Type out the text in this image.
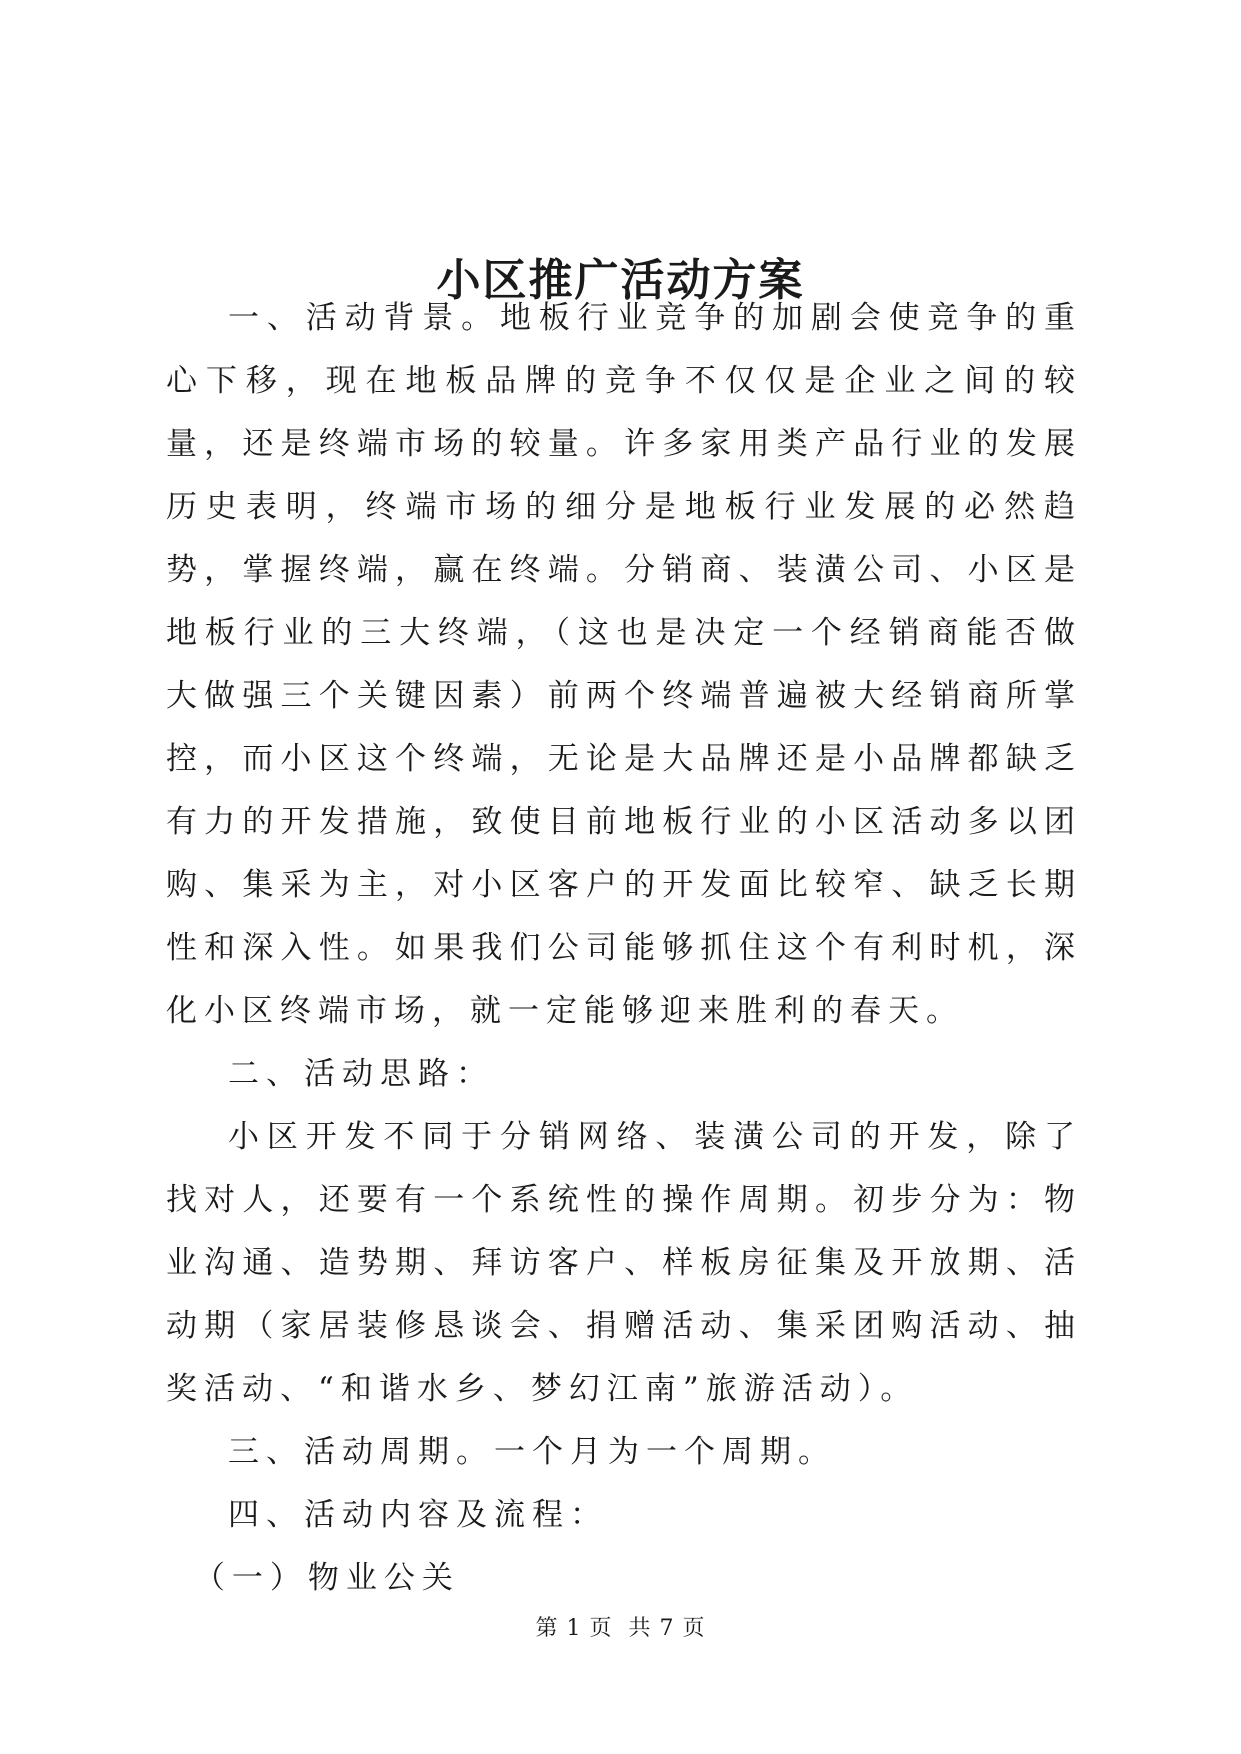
小区推广活动方案

一、活动背景。地板行业竞争的加剧会使竞争的重心下移，现在地板品牌的竞争不仅仅是企业之间的较量，还是终端市场的较量。许多家用类产品行业的发展历史表明，终端市场的细分是地板行业发展的必然趋势，掌握终端，赢在终端。分销商、装潢公司、小区是地板行业的三大终端，（这也是决定一个经销商能否做大做强三个关键因素）前两个终端普遍被大经销商所掌控，而小区这个终端，无论是大品牌还是小品牌都缺乏有力的开发措施，致使目前地板行业的小区活动多以团购、集采为主，对小区客户的开发面比较窄、缺乏长期性和深入性。如果我们公司能够抓住这个有利时机，深化小区终端市场，就一定能够迎来胜利的春天。

二、活动思路：

小区开发不同于分销网络、装潢公司的开发，除了找对人，还要有一个系统性的操作周期。初步分为：物业沟通、造势期、拜访客户、样板房征集及开放期、活动期（家居装修恳谈会、捐赠活动、集采团购活动、抽奖活动、“和谐水乡、梦幻江南”旅游活动）。

三、活动周期。一个月为一个周期。

四、活动内容及流程：

（一）物业公关

第 1 页  共 7 页
